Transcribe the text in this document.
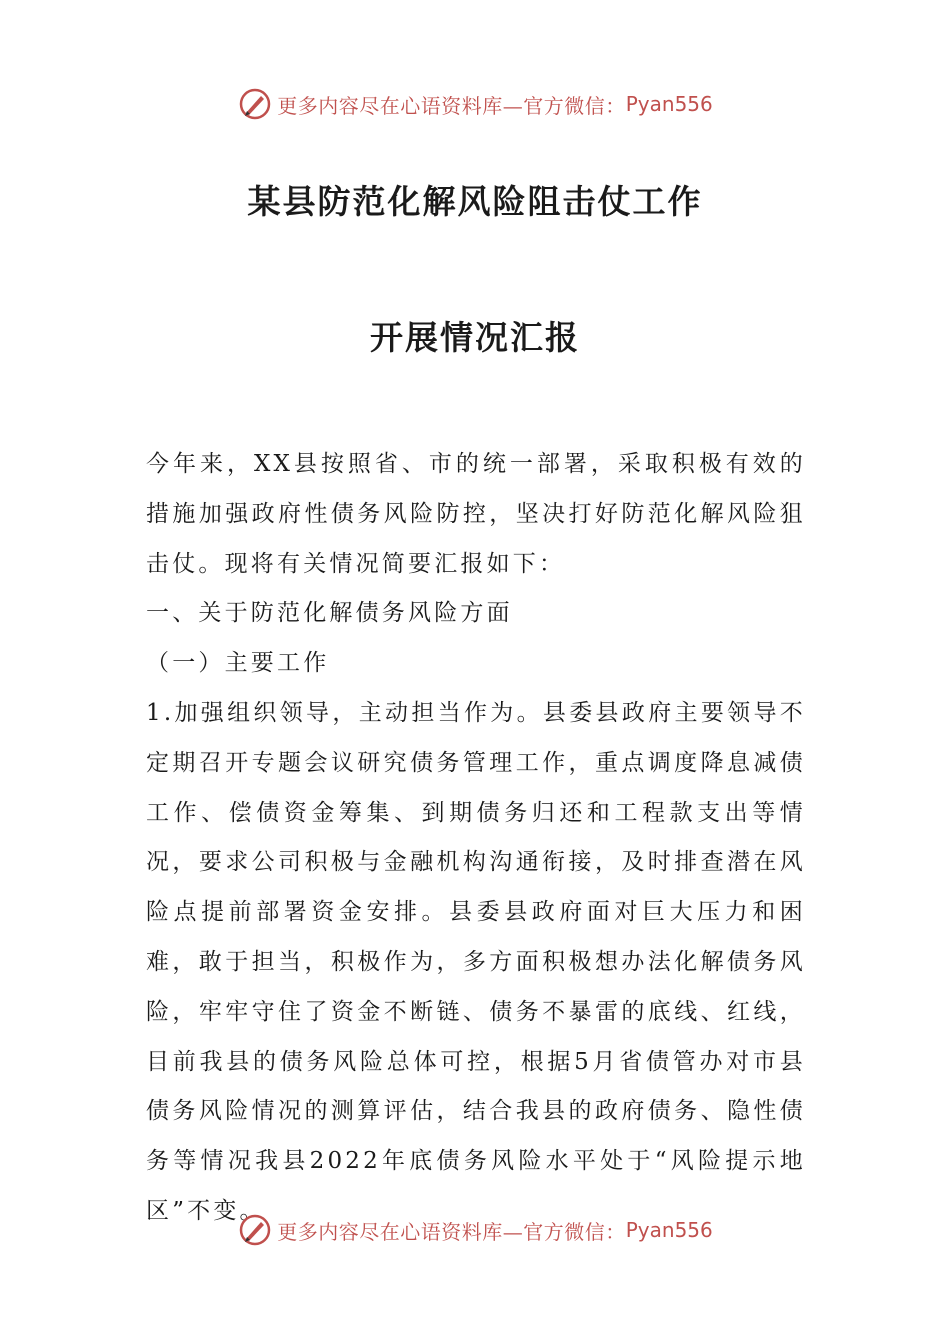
更多内容尽在心语资料库—官方微信： Pyan556
某县防范化解风险阻击仗工作
开展情况汇报

今年来，XX县按照省、市的统一部署，采取积极有效的措施加强政府性债务风险防控，坚决打好防范化解风险狙击仗。现将有关情况简要汇报如下：

一、关于防范化解债务风险方面

（一）主要工作

1.加强组织领导，主动担当作为。县委县政府主要领导不定期召开专题会议研究债务管理工作，重点调度降息减债工作、偿债资金筹集、到期债务归还和工程款支出等情况，要求公司积极与金融机构沟通衔接，及时排查潜在风险点提前部署资金安排。县委县政府面对巨大压力和困难，敢于担当，积极作为，多方面积极想办法化解债务风险，牢牢守住了资金不断链、债务不暴雷的底线、红线，目前我县的债务风险总体可控，根据5月省债管办对市县债务风险情况的测算评估，结合我县的政府债务、隐性债务等情况我县2022年底债务风险水平处于“风险提示地区”不变。

更多内容尽在心语资料库—官方微信： Pyan556
